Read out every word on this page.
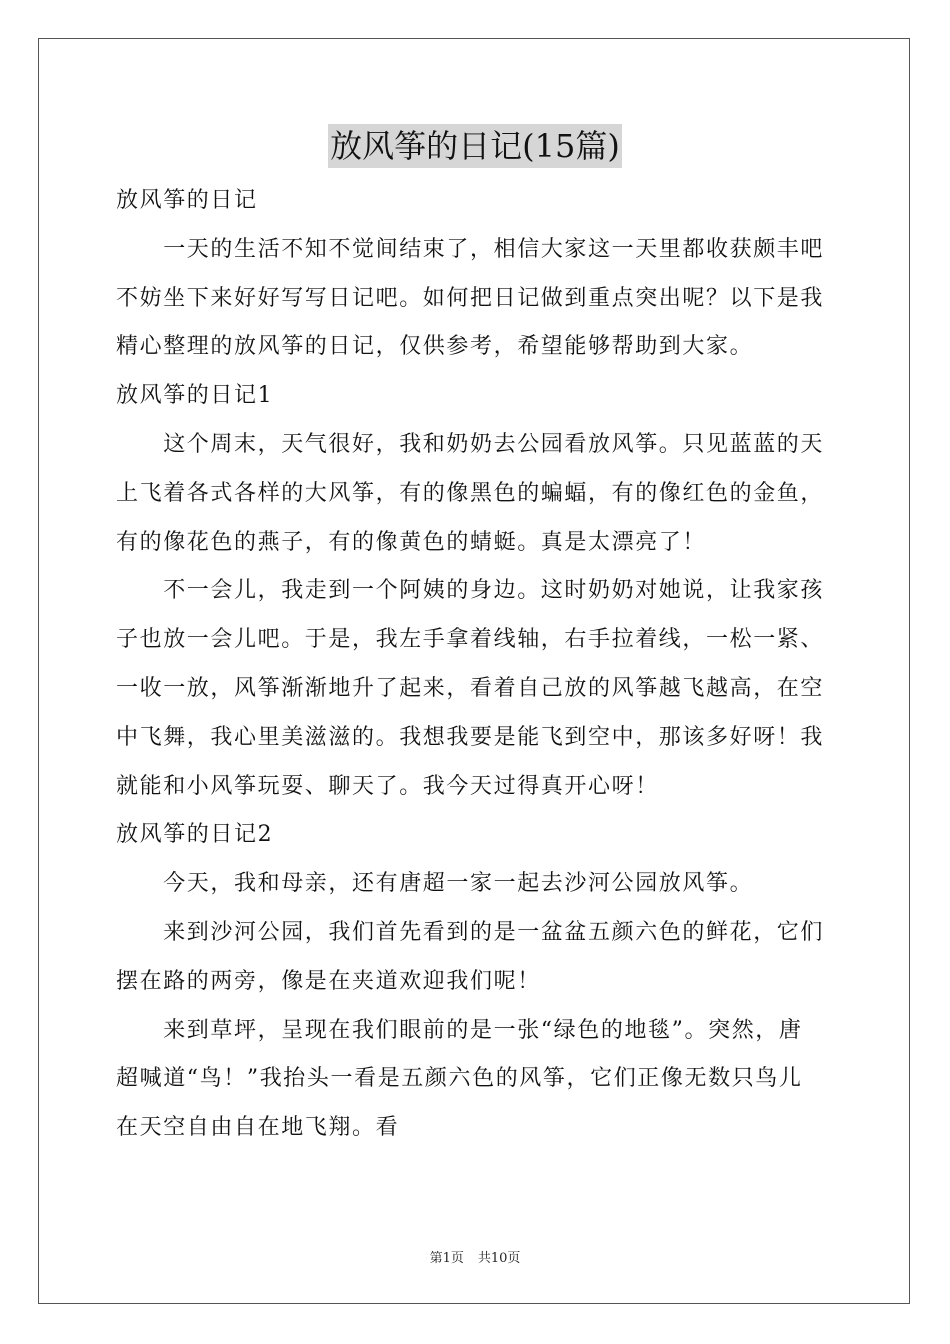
放风筝的日记(15篇)
放风筝的日记
　　一天的生活不知不觉间结束了，相信大家这一天里都收获颇丰吧
不妨坐下来好好写写日记吧。如何把日记做到重点突出呢？以下是我
精心整理的放风筝的日记，仅供参考，希望能够帮助到大家。
放风筝的日记1
　　这个周末，天气很好，我和奶奶去公园看放风筝。只见蓝蓝的天
上飞着各式各样的大风筝，有的像黑色的蝙蝠，有的像红色的金鱼，
有的像花色的燕子，有的像黄色的蜻蜓。真是太漂亮了！
　　不一会儿，我走到一个阿姨的身边。这时奶奶对她说，让我家孩
子也放一会儿吧。于是，我左手拿着线轴，右手拉着线，一松一紧、
一收一放，风筝渐渐地升了起来，看着自己放的风筝越飞越高，在空
中飞舞，我心里美滋滋的。我想我要是能飞到空中，那该多好呀！我
就能和小风筝玩耍、聊天了。我今天过得真开心呀！
放风筝的日记2
　　今天，我和母亲，还有唐超一家一起去沙河公园放风筝。
　　来到沙河公园，我们首先看到的是一盆盆五颜六色的鲜花，它们
摆在路的两旁，像是在夹道欢迎我们呢！
　　来到草坪，呈现在我们眼前的是一张“绿色的地毯”。突然，唐
超喊道“鸟！”我抬头一看是五颜六色的风筝，它们正像无数只鸟儿
在天空自由自在地飞翔。看
第1页 共10页
